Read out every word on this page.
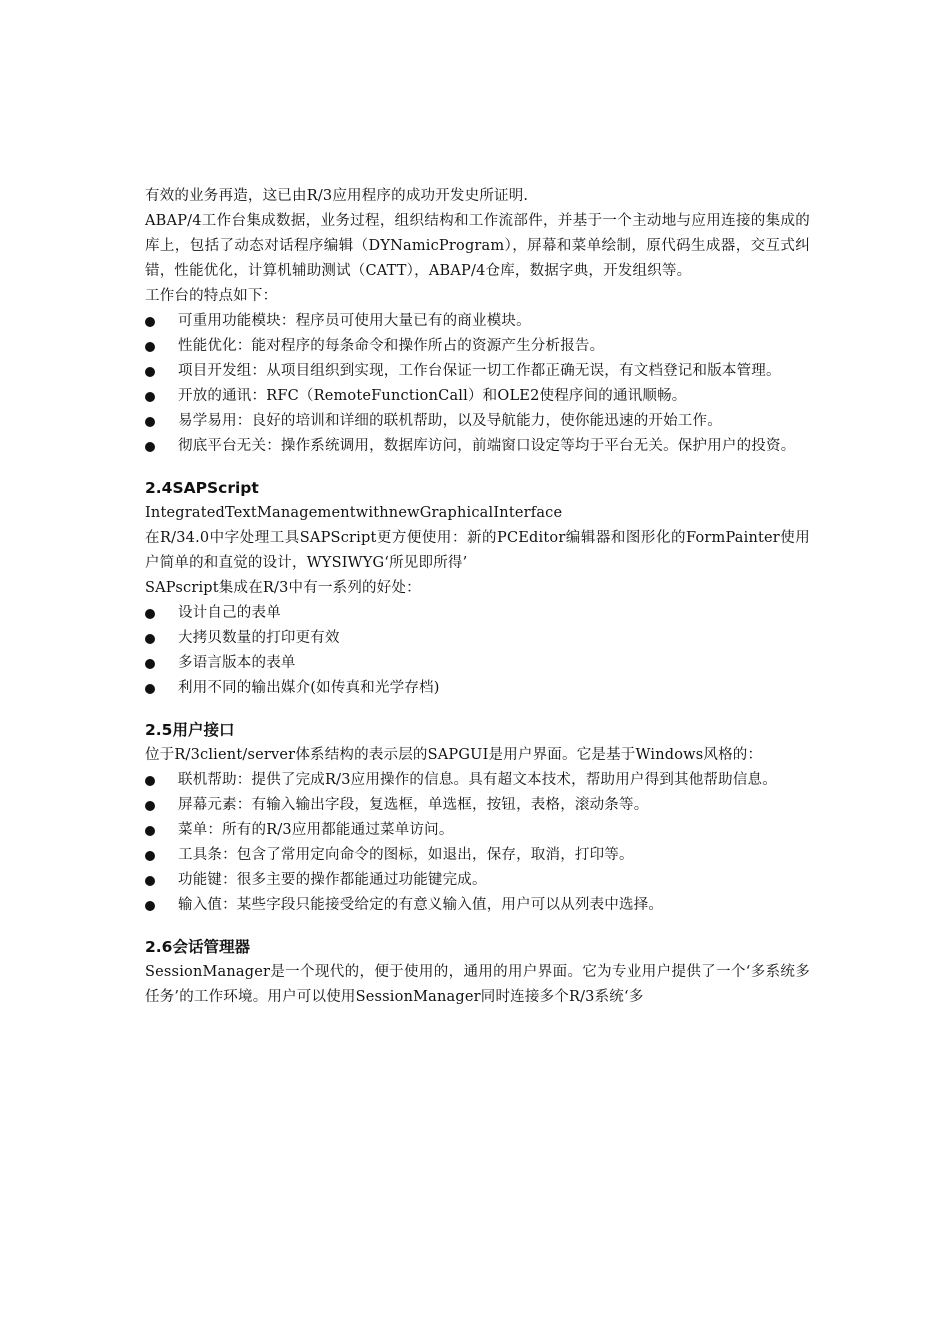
有效的业务再造，这已由R/3应用程序的成功开发史所证明.

ABAP/4工作台集成数据，业务过程，组织结构和工作流部件，并基于一个主动地与应用连接的集成的库上，包括了动态对话程序编辑（DYNamicProgram），屏幕和菜单绘制，原代码生成器，交互式纠错，性能优化，计算机辅助测试（CATT），ABAP/4仓库，数据字典，开发组织等。

工作台的特点如下：

可重用功能模块：程序员可使用大量已有的商业模块。
性能优化：能对程序的每条命令和操作所占的资源产生分析报告。
项目开发组：从项目组织到实现，工作台保证一切工作都正确无误，有文档登记和版本管理。
开放的通讯：RFC（RemoteFunctionCall）和OLE2使程序间的通讯顺畅。
易学易用：良好的培训和详细的联机帮助，以及导航能力，使你能迅速的开始工作。
彻底平台无关：操作系统调用，数据库访问，前端窗口设定等均于平台无关。保护用户的投资。
2.4SAPScript

IntegratedTextManagementwithnewGraphicalInterface

在R/34.0中字处理工具SAPScript更方便使用：新的PCEditor编辑器和图形化的FormPainter使用户简单的和直觉的设计，WYSIWYG‘所见即所得’

SAPscript集成在R/3中有一系列的好处：

设计自己的表单
大拷贝数量的打印更有效
多语言版本的表单
利用不同的输出媒介(如传真和光学存档)
2.5用户接口

位于R/3client/server体系结构的表示层的SAPGUI是用户界面。它是基于Windows风格的：

联机帮助：提供了完成R/3应用操作的信息。具有超文本技术，帮助用户得到其他帮助信息。
屏幕元素：有输入输出字段，复选框，单选框，按钮，表格，滚动条等。
菜单：所有的R/3应用都能通过菜单访问。
工具条：包含了常用定向命令的图标，如退出，保存，取消，打印等。
功能键：很多主要的操作都能通过功能键完成。
输入值：某些字段只能接受给定的有意义输入值，用户可以从列表中选择。
2.6会话管理器

SessionManager是一个现代的，便于使用的，通用的用户界面。它为专业用户提供了一个‘多系统多任务’的工作环境。用户可以使用SessionManager同时连接多个R/3系统‘多
